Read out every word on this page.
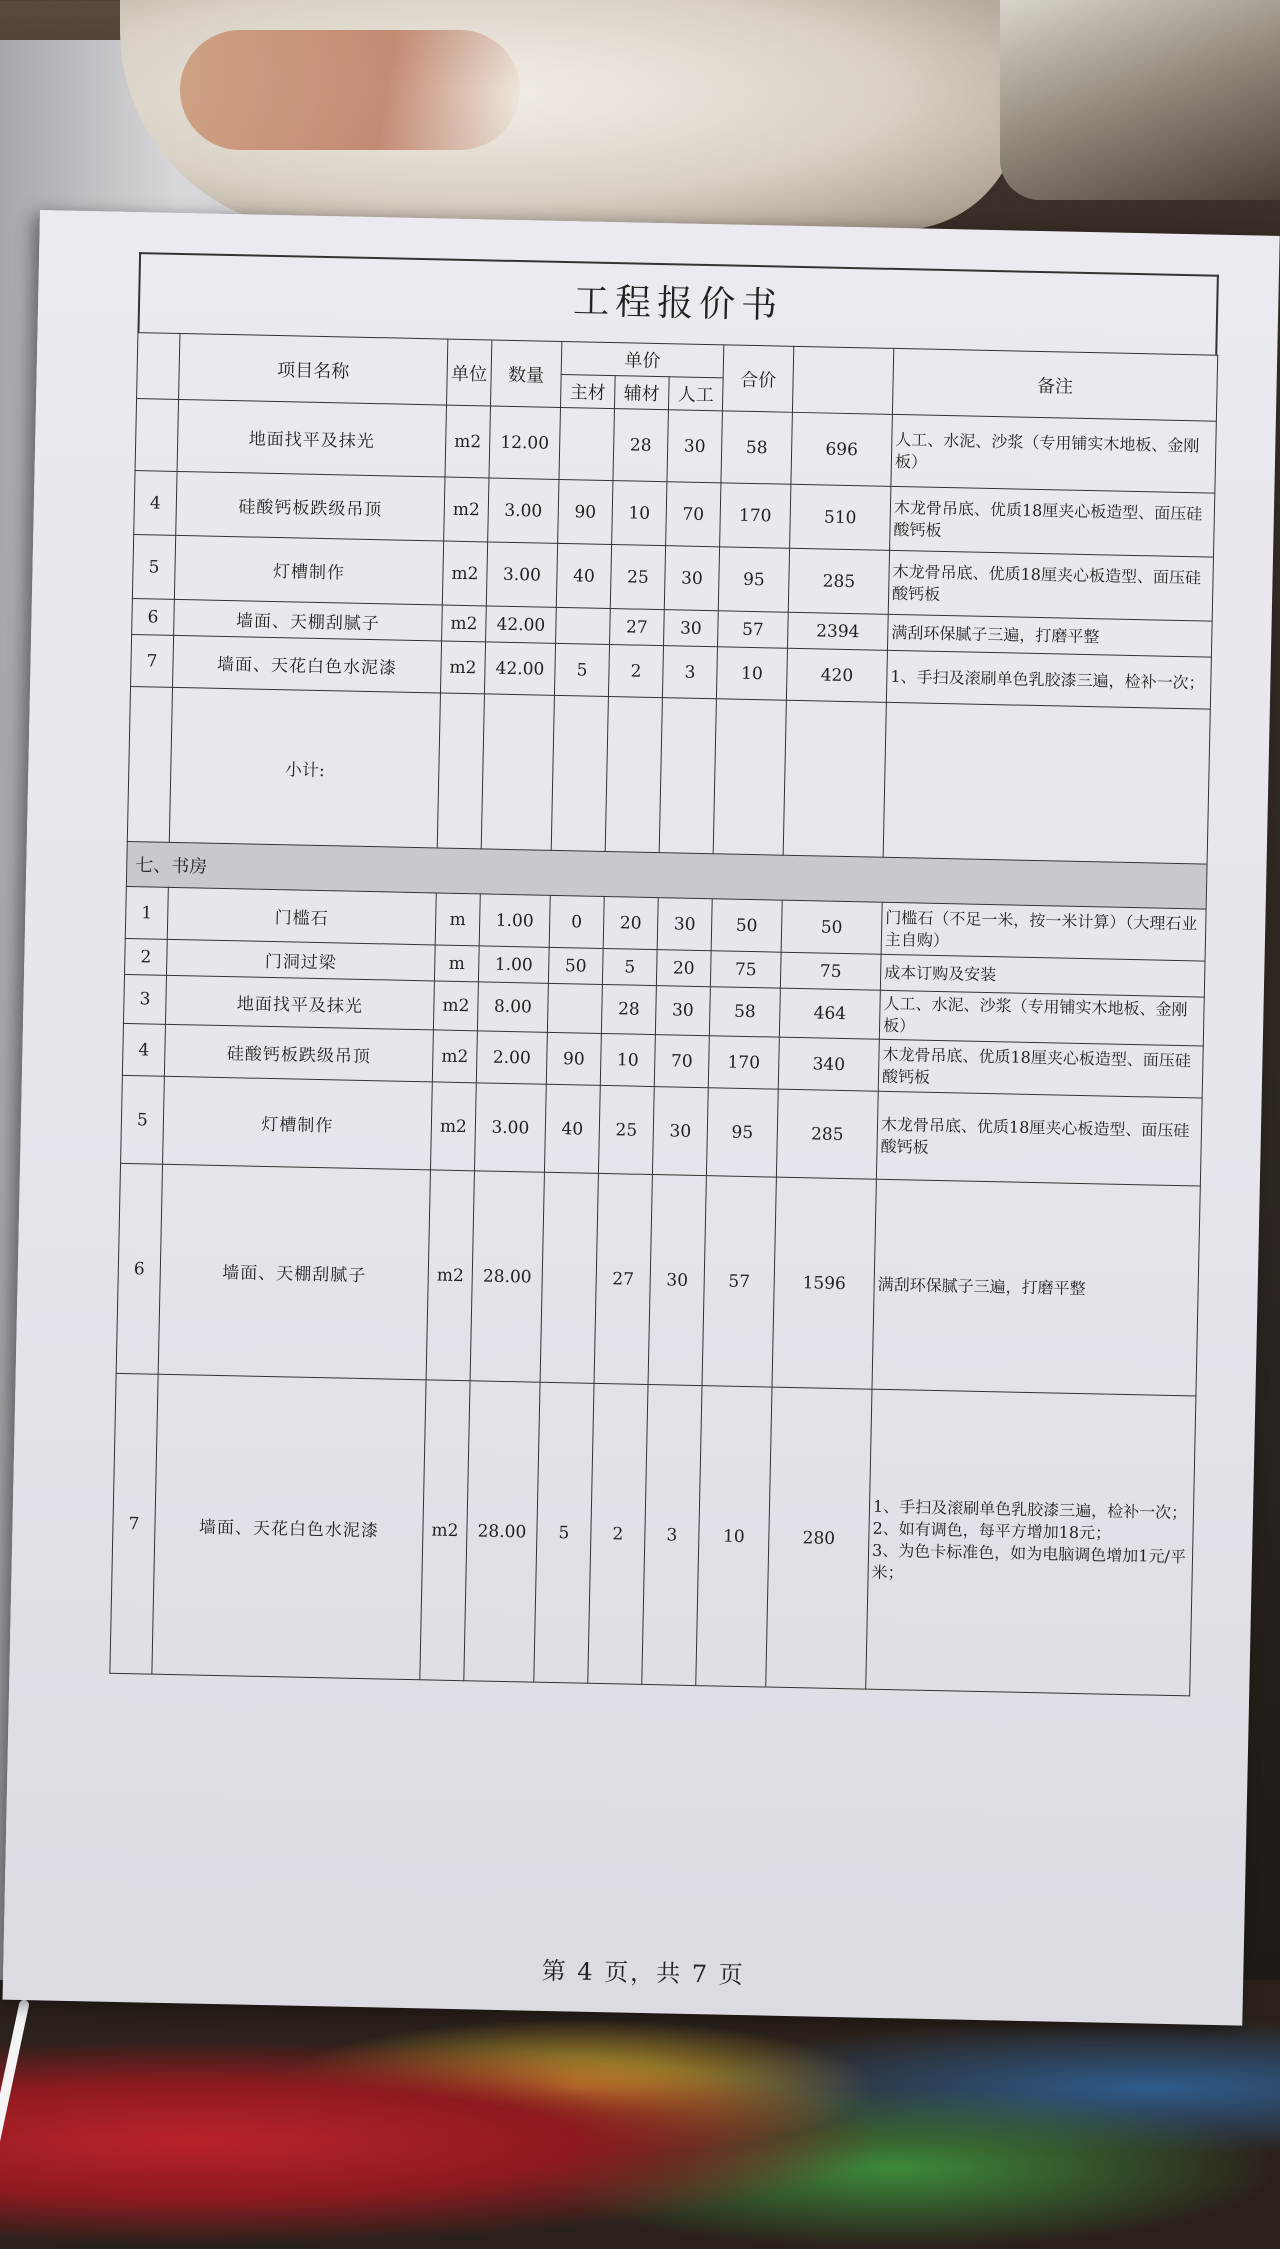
工程报价书
	项目名称	单位	数量	单价			合价		备注
				主材	辅材	人工			
	地面找平及抹光	m2	12.00		28	30	58	696	人工、水泥、沙浆（专用铺实木地板、金刚板）
4	硅酸钙板跌级吊顶	m2	3.00	90	10	70	170	510	木龙骨吊底、优质18厘夹心板造型、面压硅酸钙板
5	灯槽制作	m2	3.00	40	25	30	95	285	木龙骨吊底、优质18厘夹心板造型、面压硅酸钙板
6	墙面、天棚刮腻子	m2	42.00		27	30	57	2394	满刮环保腻子三遍，打磨平整
7	墙面、天花白色水泥漆	m2	42.00	5	2	3	10	420	1、手扫及滚刷单色乳胶漆三遍，检补一次；
	小计:								
七、书房									
1	门槛石	m	1.00	0	20	30	50	50	门槛石（不足一米，按一米计算）（大理石业主自购）
2	门洞过梁	m	1.00	50	5	20	75	75	成本订购及安装
3	地面找平及抹光	m2	8.00		28	30	58	464	人工、水泥、沙浆（专用铺实木地板、金刚板）
4	硅酸钙板跌级吊顶	m2	2.00	90	10	70	170	340	木龙骨吊底、优质18厘夹心板造型、面压硅酸钙板
5	灯槽制作	m2	3.00	40	25	30	95	285	木龙骨吊底、优质18厘夹心板造型、面压硅酸钙板
6	墙面、天棚刮腻子	m2	28.00		27	30	57	1596	满刮环保腻子三遍，打磨平整
7	墙面、天花白色水泥漆	m2	28.00	5	2	3	10	280	1、手扫及滚刷单色乳胶漆三遍，检补一次；
2、如有调色，每平方增加18元；
3、为色卡标准色，如为电脑调色增加1元/平米；
第 4 页，共 7 页
